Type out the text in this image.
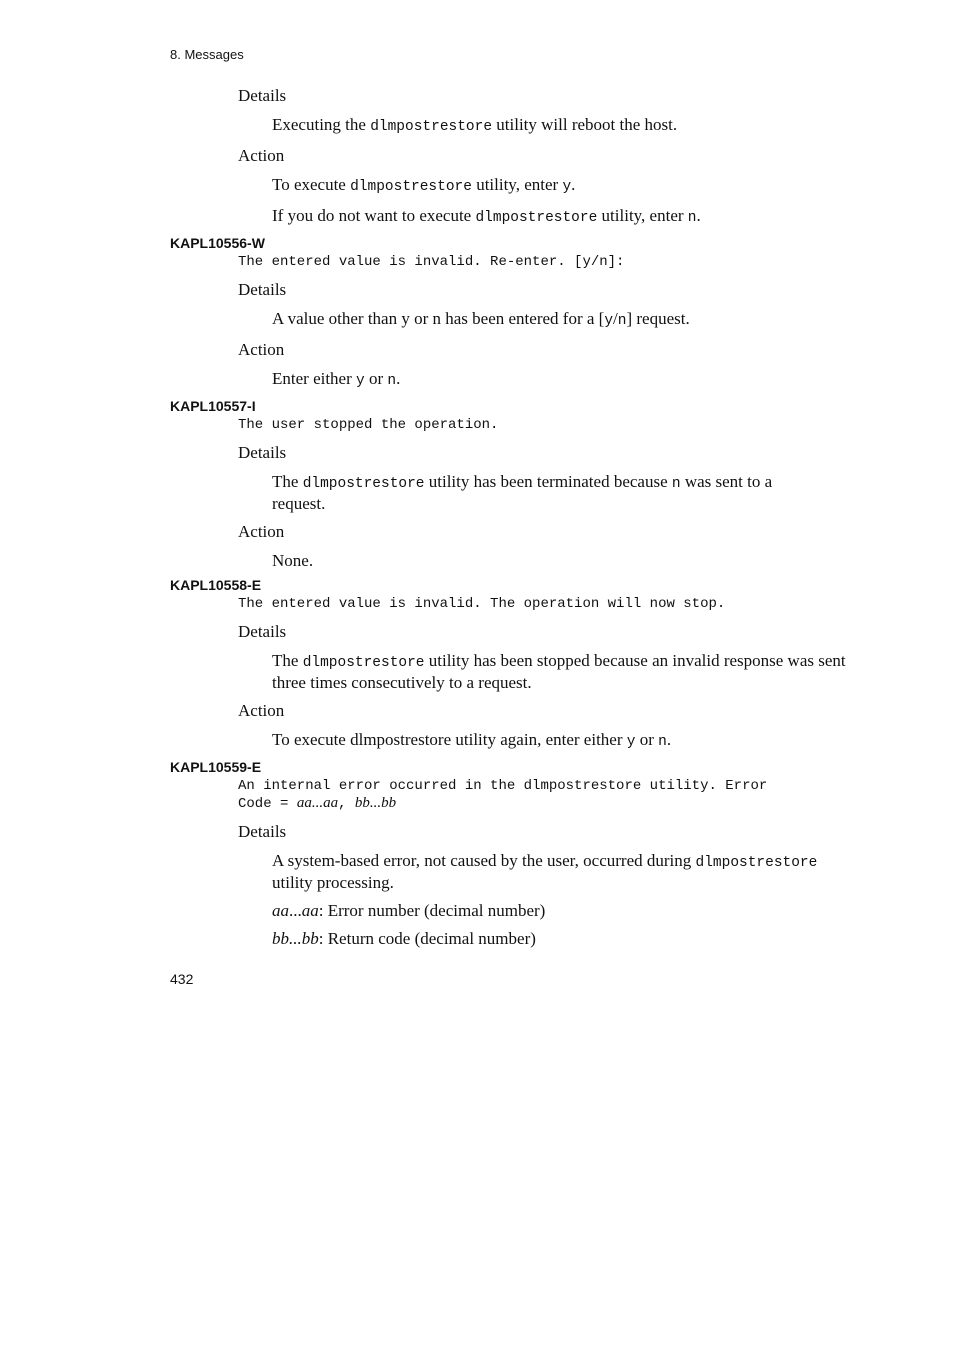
8. Messages
Details
Executing the dlmpostrestore utility will reboot the host.
Action
To execute dlmpostrestore utility, enter y.
If you do not want to execute dlmpostrestore utility, enter n.
KAPL10556-W
The entered value is invalid. Re-enter. [y/n]:
Details
A value other than y or n has been entered for a [y/n] request.
Action
Enter either y or n.
KAPL10557-I
The user stopped the operation.
Details
The dlmpostrestore utility has been terminated because n was sent to a request.
Action
None.
KAPL10558-E
The entered value is invalid. The operation will now stop.
Details
The dlmpostrestore utility has been stopped because an invalid response was sent three times consecutively to a request.
Action
To execute dlmpostrestore utility again, enter either y or n.
KAPL10559-E
An internal error occurred in the dlmpostrestore utility. Error
Code = aa...aa, bb...bb
Details
A system-based error, not caused by the user, occurred during dlmpostrestore utility processing.
aa...aa: Error number (decimal number)
bb...bb: Return code (decimal number)
432
